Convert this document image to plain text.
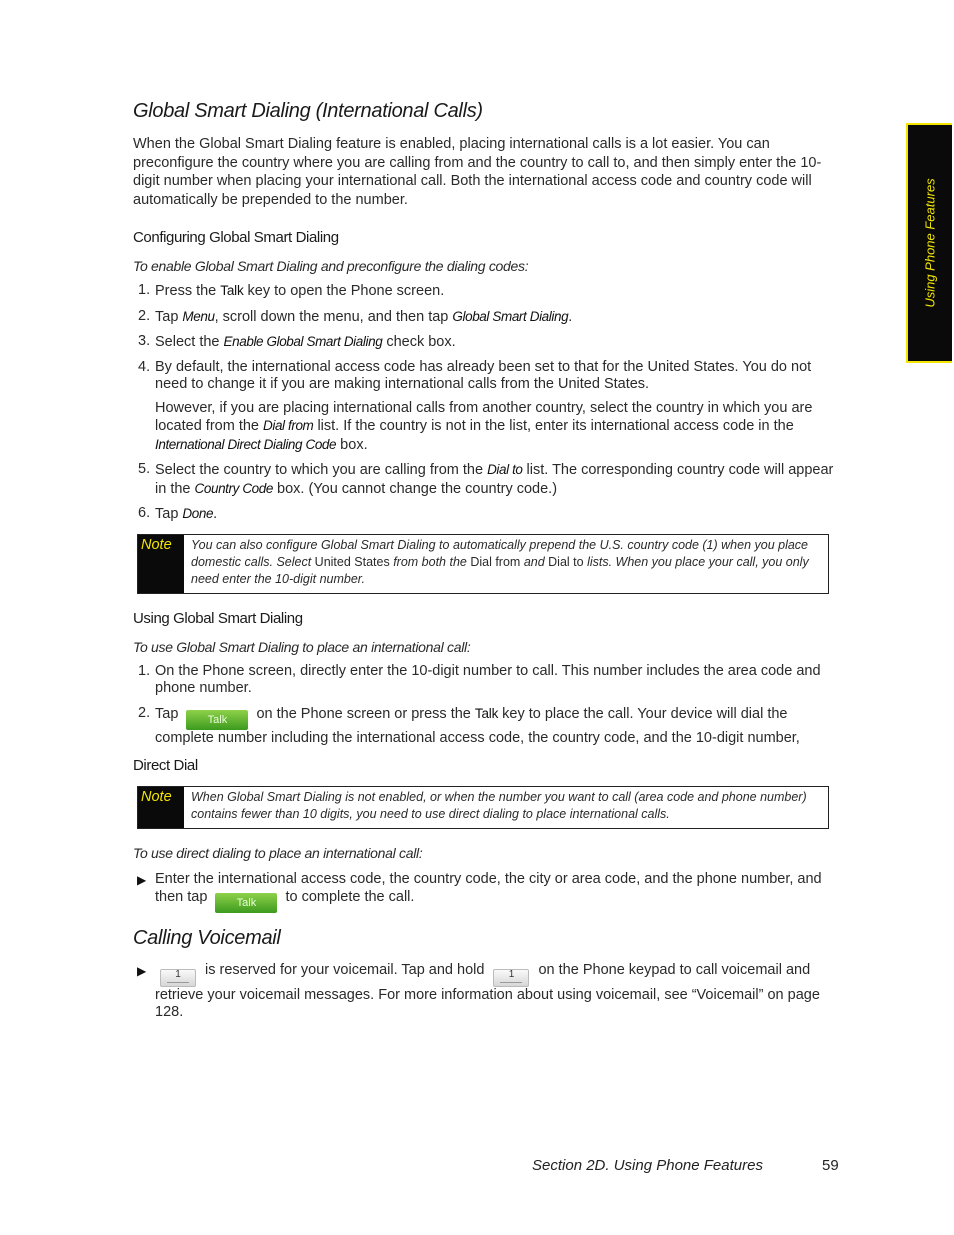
Using Phone Features
Global Smart Dialing (International Calls)

When the Global Smart Dialing feature is enabled, placing international calls is a lot easier. You can preconfigure the country where you are calling from and the country to call to, and then simply enter the 10-digit number when placing your international call. Both the international access code and country code will automatically be prepended to the number.

Configuring Global Smart Dialing
To enable Global Smart Dialing and preconfigure the dialing codes:
1. Press the Talk key to open the Phone screen.
2. Tap Menu, scroll down the menu, and then tap Global Smart Dialing.
3. Select the Enable Global Smart Dialing check box.
4. By default, the international access code has already been set to that for the United States. You do not need to change it if you are making international calls from the United States.
However, if you are placing international calls from another country, select the country in which you are located from the Dial from list. If the country is not in the list, enter its international access code in the International Direct Dialing Code box.
5. Select the country to which you are calling from the Dial to list. The corresponding country code will appear in the Country Code box. (You cannot change the country code.)
6. Tap Done.
Note	You can also configure Global Smart Dialing to automatically prepend the U.S. country code (1) when you place domestic calls. Select United States from both the Dial from and Dial to lists. When you place your call, you only need enter the 10-digit number.
Using Global Smart Dialing
To use Global Smart Dialing to place an international call:
1. On the Phone screen, directly enter the 10-digit number to call. This number includes the area code and phone number.
2. Tap Talk on the Phone screen or press the Talk key to place the call. Your device will dial the complete number including the international access code, the country code, and the 10-digit number,
Direct Dial
Note	When Global Smart Dialing is not enabled, or when the number you want to call (area code and phone number) contains fewer than 10 digits, you need to use direct dialing to place international calls.
To use direct dialing to place an international call:
▶ Enter the international access code, the country code, the city or area code, and the phone number, and then tap Talk to complete the call.
Calling Voicemail
▶	1 is reserved for your voicemail. Tap and hold 1 on the Phone keypad to call voicemail and retrieve your voicemail messages. For more information about using voicemail, see “Voicemail” on page 128.
Section 2D. Using Phone Features	59
